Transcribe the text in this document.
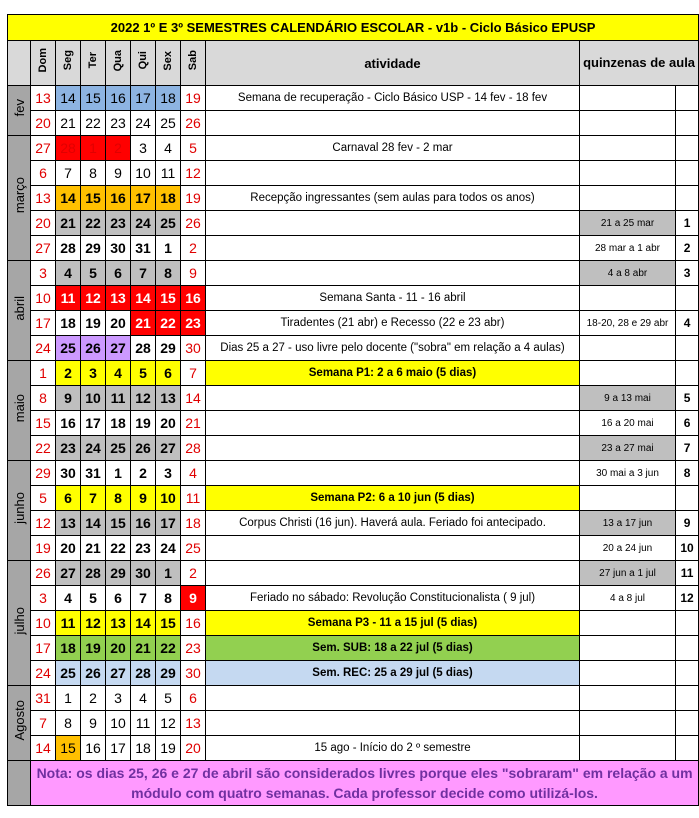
2022 1º E 3º SEMESTRES CALENDÁRIO ESCOLAR - v1b - Ciclo Básico EPUSP										
	Dom	Seg	Ter	Qua	Qui	Sex	Sab	atividade	quinzenas de aula	
fev	13	14	15	16	17	18	19	Semana de recuperação - Ciclo Básico USP - 14 fev - 18 fev		
	20	21	22	23	24	25	26			
março	27	28	1	2	3	4	5	Carnaval 28 fev - 2 mar		
	6	7	8	9	10	11	12			
	13	14	15	16	17	18	19	Recepção ingressantes (sem aulas para todos os anos)		
	20	21	22	23	24	25	26		21 a 25 mar	1
	27	28	29	30	31	1	2		28 mar a 1 abr	2
abril	3	4	5	6	7	8	9		4 a 8 abr	3
	10	11	12	13	14	15	16	Semana Santa - 11 - 16 abril		
	17	18	19	20	21	22	23	Tiradentes (21 abr) e Recesso (22 e 23 abr)	18-20, 28 e 29 abr	4
	24	25	26	27	28	29	30	Dias 25 a 27 - uso livre pelo docente ("sobra" em relação a 4 aulas)		
maio	1	2	3	4	5	6	7	Semana P1: 2 a 6 maio (5 dias)		
	8	9	10	11	12	13	14		9 a 13 mai	5
	15	16	17	18	19	20	21		16 a 20 mai	6
	22	23	24	25	26	27	28		23 a 27 mai	7
junho	29	30	31	1	2	3	4		30 mai a 3 jun	8
	5	6	7	8	9	10	11	Semana P2: 6 a 10 jun (5 dias)		
	12	13	14	15	16	17	18	Corpus Christi (16 jun). Haverá aula. Feriado foi antecipado.	13 a 17 jun	9
	19	20	21	22	23	24	25		20 a 24 jun	10
julho	26	27	28	29	30	1	2		27 jun a 1 jul	11
	3	4	5	6	7	8	9	Feriado no sábado: Revolução Constitucionalista ( 9 jul)	4 a 8 jul	12
	10	11	12	13	14	15	16	Semana P3 - 11 a 15 jul (5 dias)		
	17	18	19	20	21	22	23	Sem. SUB: 18 a 22 jul (5 dias)		
	24	25	26	27	28	29	30	Sem. REC: 25 a 29 jul (5 dias)		
Agosto	31	1	2	3	4	5	6			
	7	8	9	10	11	12	13			
	14	15	16	17	18	19	20	15 ago - Início do 2 º semestre		
	Nota: os dias 25, 26 e 27 de abril são considerados livres porque eles "sobraram" em relação a um módulo com quatro semanas. Cada professor decide como utilizá-los.									
